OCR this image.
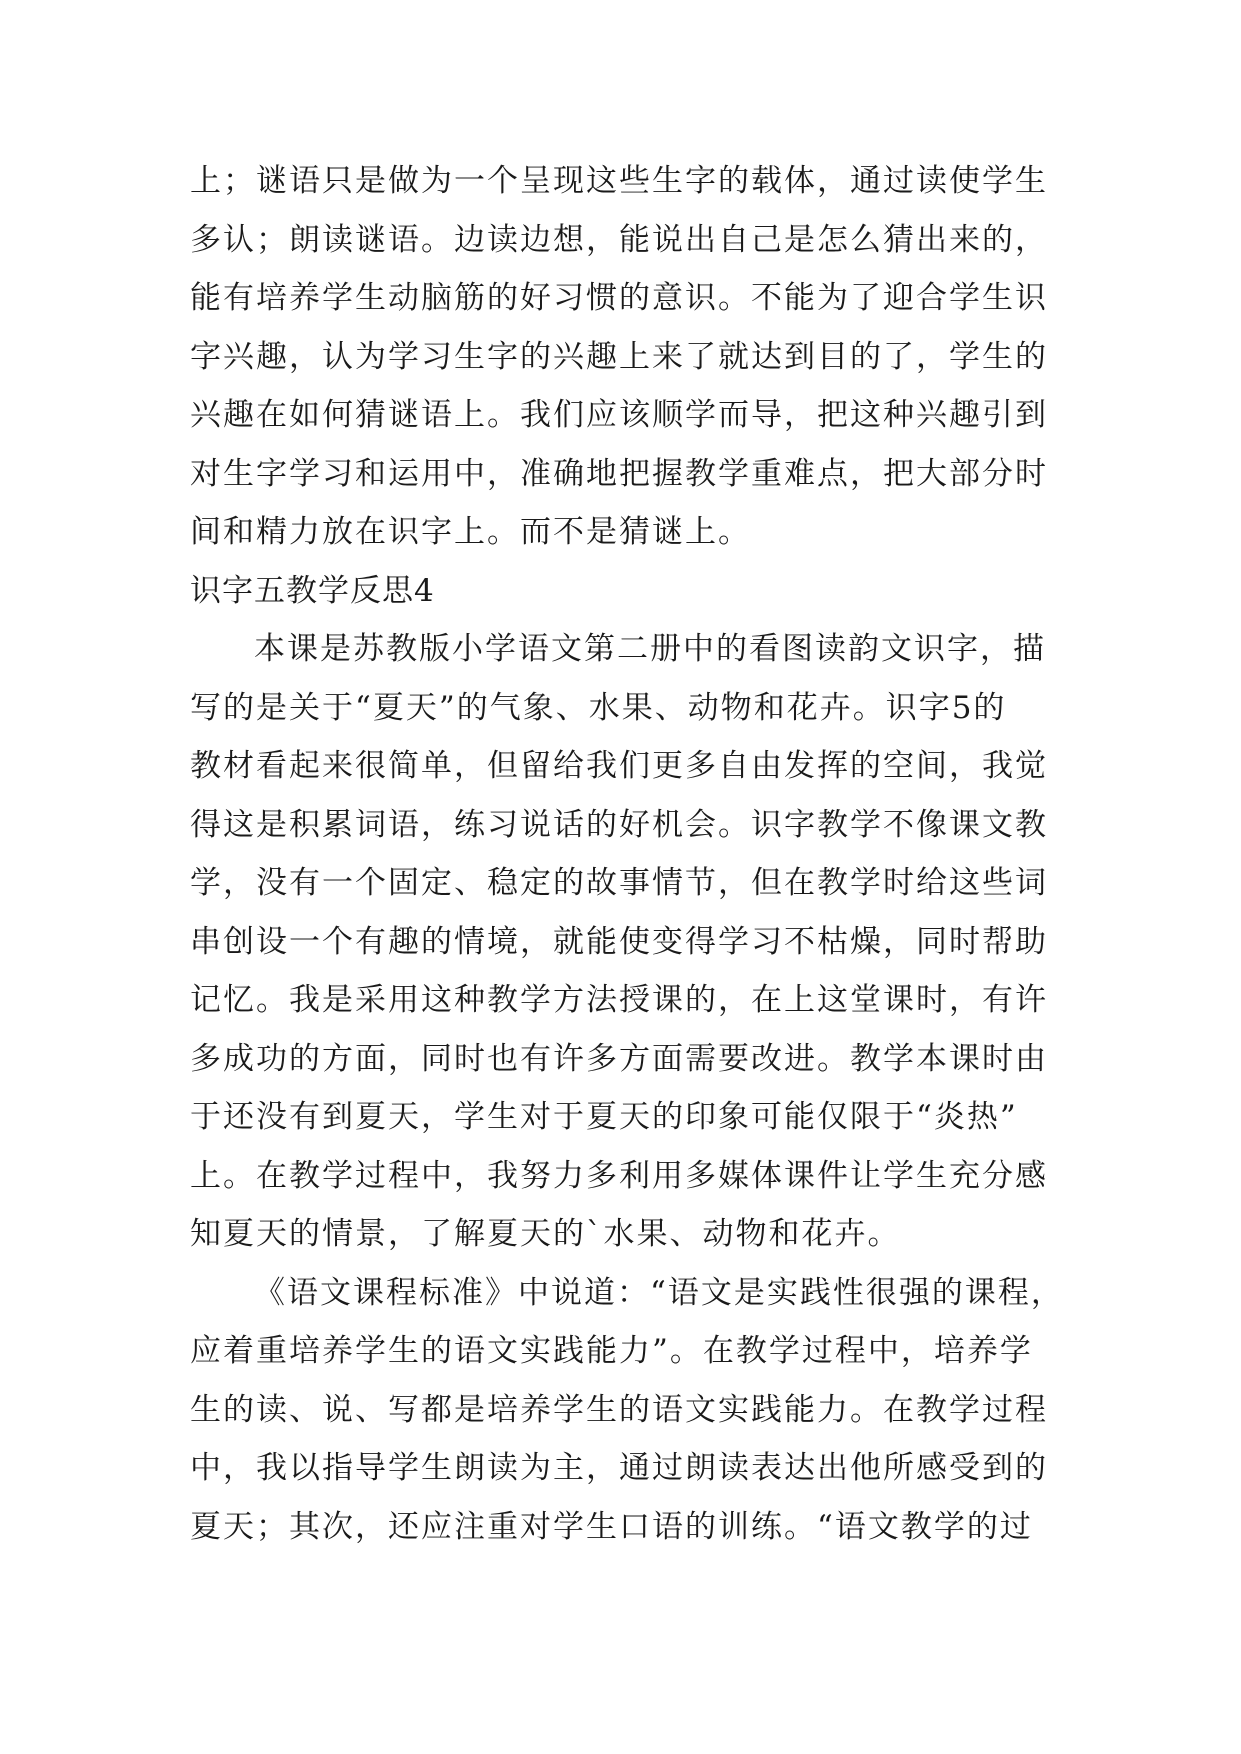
上；谜语只是做为一个呈现这些生字的载体，通过读使学生
多认；朗读谜语。边读边想，能说出自己是怎么猜出来的，
能有培养学生动脑筋的好习惯的意识。不能为了迎合学生识
字兴趣，认为学习生字的兴趣上来了就达到目的了，学生的
兴趣在如何猜谜语上。我们应该顺学而导，把这种兴趣引到
对生字学习和运用中，准确地把握教学重难点，把大部分时
间和精力放在识字上。而不是猜谜上。
识字五教学反思4
本课是苏教版小学语文第二册中的看图读韵文识字，描
写的是关于“夏天”的气象、水果、动物和花卉。识字5的
教材看起来很简单，但留给我们更多自由发挥的空间，我觉
得这是积累词语，练习说话的好机会。识字教学不像课文教
学，没有一个固定、稳定的故事情节，但在教学时给这些词
串创设一个有趣的情境，就能使变得学习不枯燥，同时帮助
记忆。我是采用这种教学方法授课的，在上这堂课时，有许
多成功的方面，同时也有许多方面需要改进。教学本课时由
于还没有到夏天，学生对于夏天的印象可能仅限于“炎热”
上。在教学过程中，我努力多利用多媒体课件让学生充分感
知夏天的情景，了解夏天的`水果、动物和花卉。
《语文课程标准》中说道：“语文是实践性很强的课程，
应着重培养学生的语文实践能力”。在教学过程中，培养学
生的读、说、写都是培养学生的语文实践能力。在教学过程
中，我以指导学生朗读为主，通过朗读表达出他所感受到的
夏天；其次，还应注重对学生口语的训练。“语文教学的过
